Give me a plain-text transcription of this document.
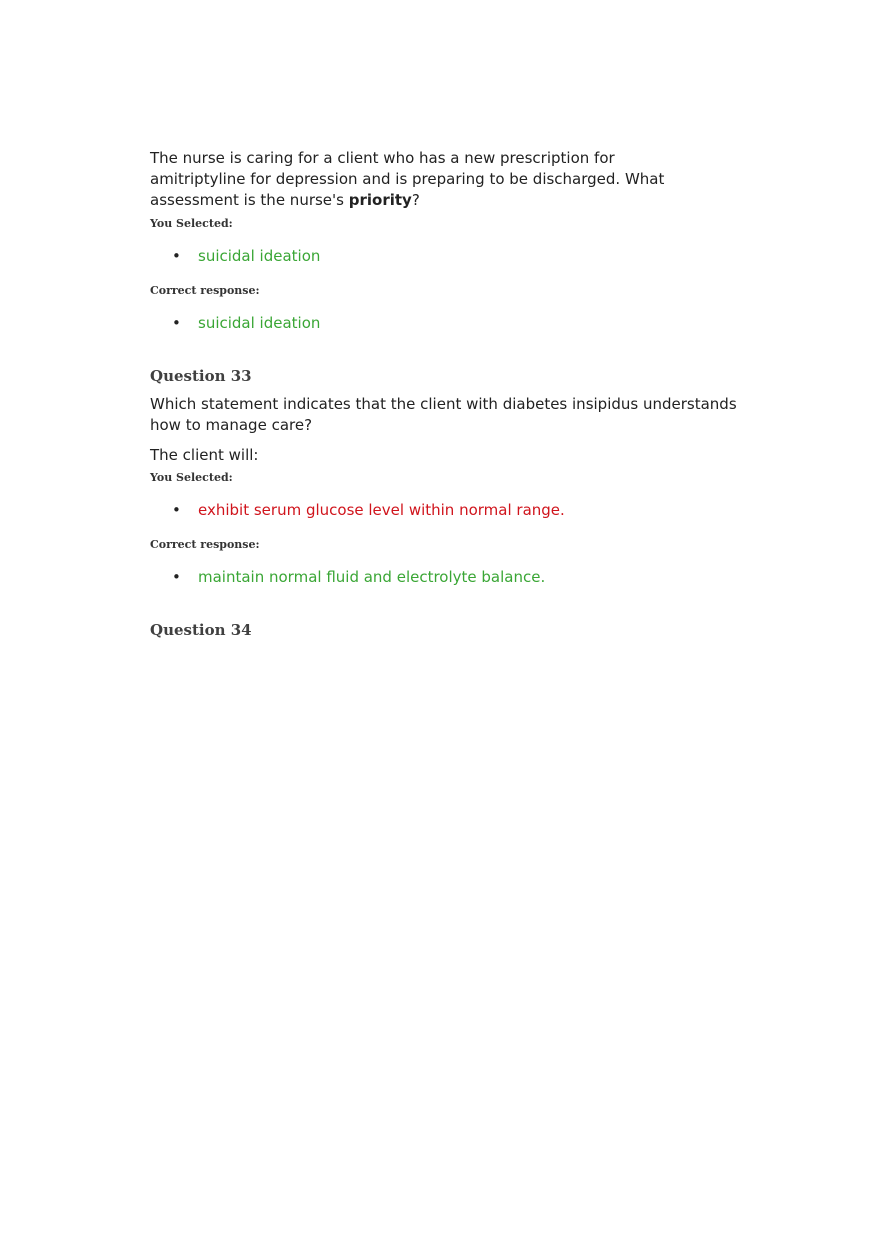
The nurse is caring for a client who has a new prescription for amitriptyline for depression and is preparing to be discharged. What assessment is the nurse's priority?

You Selected:

• suicidal ideation

Correct response:

• suicidal ideation
Question 33

Which statement indicates that the client with diabetes insipidus understands how to manage care?

The client will:

You Selected:

• exhibit serum glucose level within normal range.

Correct response:

• maintain normal fluid and electrolyte balance.
Question 34
